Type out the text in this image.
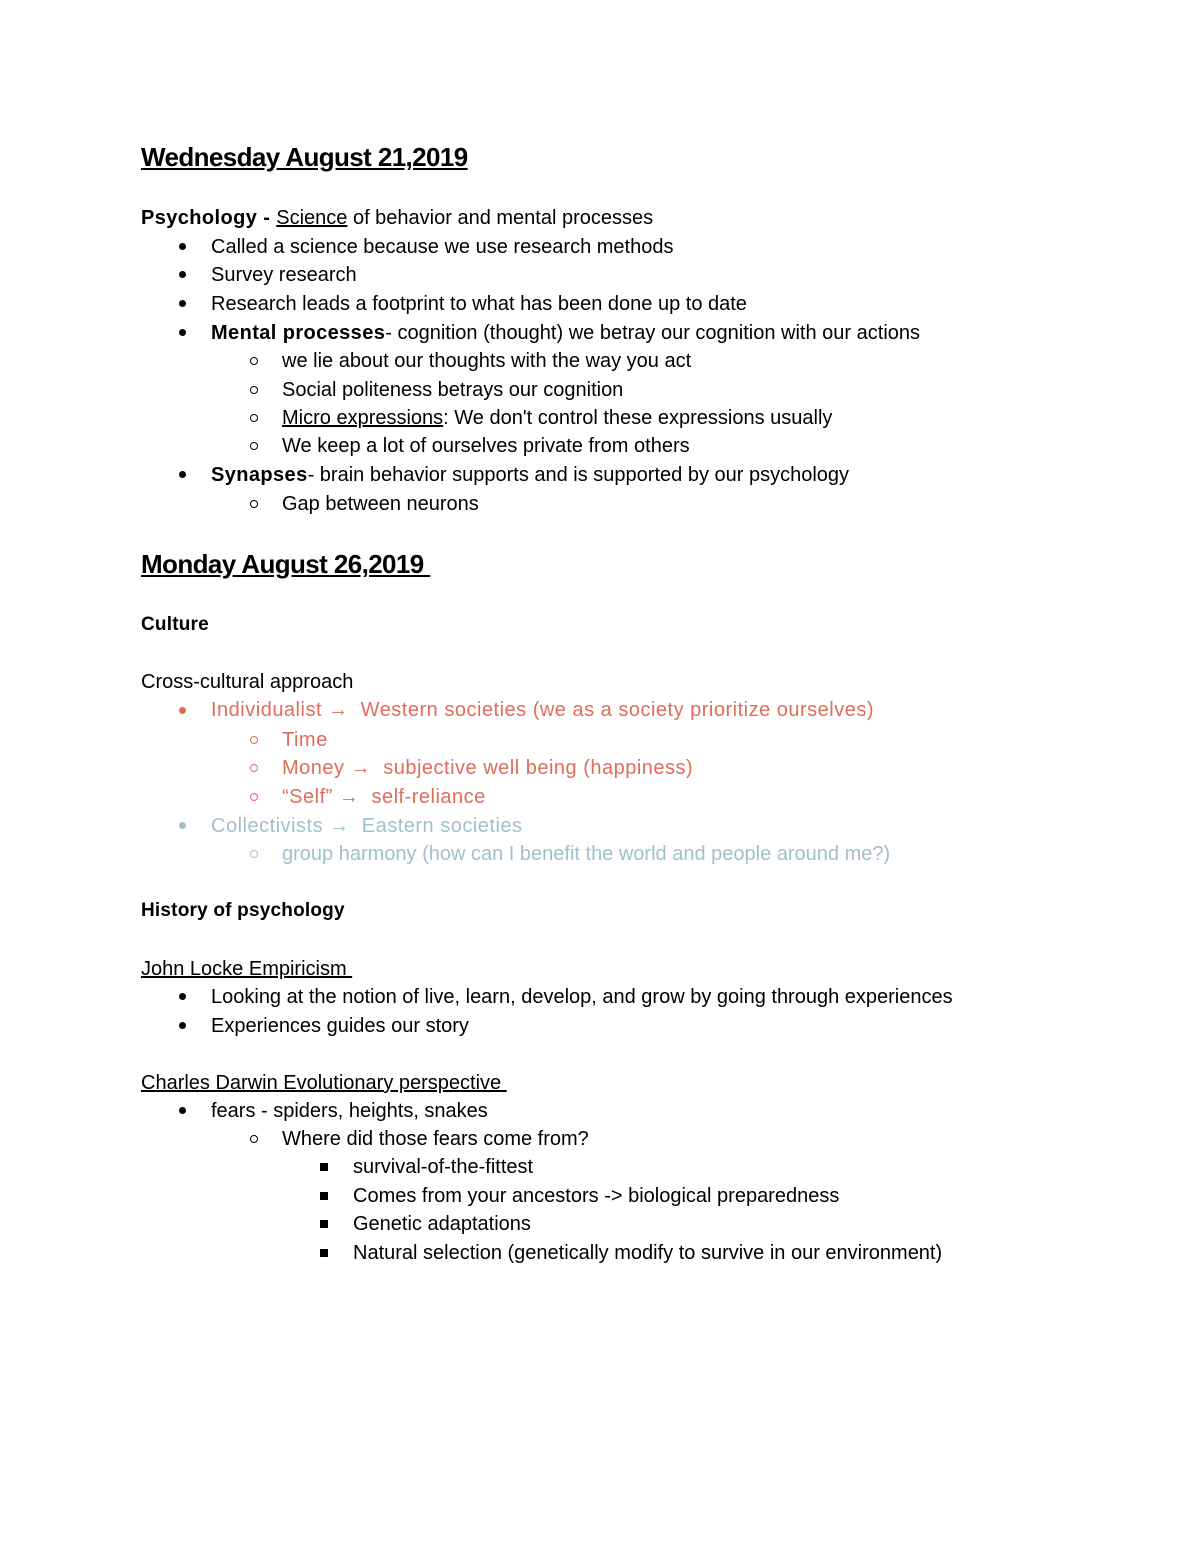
Wednesday August 21,2019
Psychology - Science of behavior and mental processes
Called a science because we use research methods
Survey research
Research leads a footprint to what has been done up to date
Mental processes- cognition (thought) we betray our cognition with our actions
we lie about our thoughts with the way you act
Social politeness betrays our cognition
Micro expressions: We don't control these expressions usually
We keep a lot of ourselves private from others
Synapses- brain behavior supports and is supported by our psychology
Gap between neurons
Monday August 26,2019
Culture
Cross-cultural approach
Individualist →  Western societies (we as a society prioritize ourselves)
Time
Money →  subjective well being (happiness)
“Self” →  self-reliance
Collectivists →  Eastern societies
group harmony (how can I benefit the world and people around me?)
History of psychology
John Locke Empiricism
Looking at the notion of live, learn, develop, and grow by going through experiences
Experiences guides our story
Charles Darwin Evolutionary perspective
fears - spiders, heights, snakes
Where did those fears come from?
survival-of-the-fittest
Comes from your ancestors -> biological preparedness
Genetic adaptations
Natural selection (genetically modify to survive in our environment)
